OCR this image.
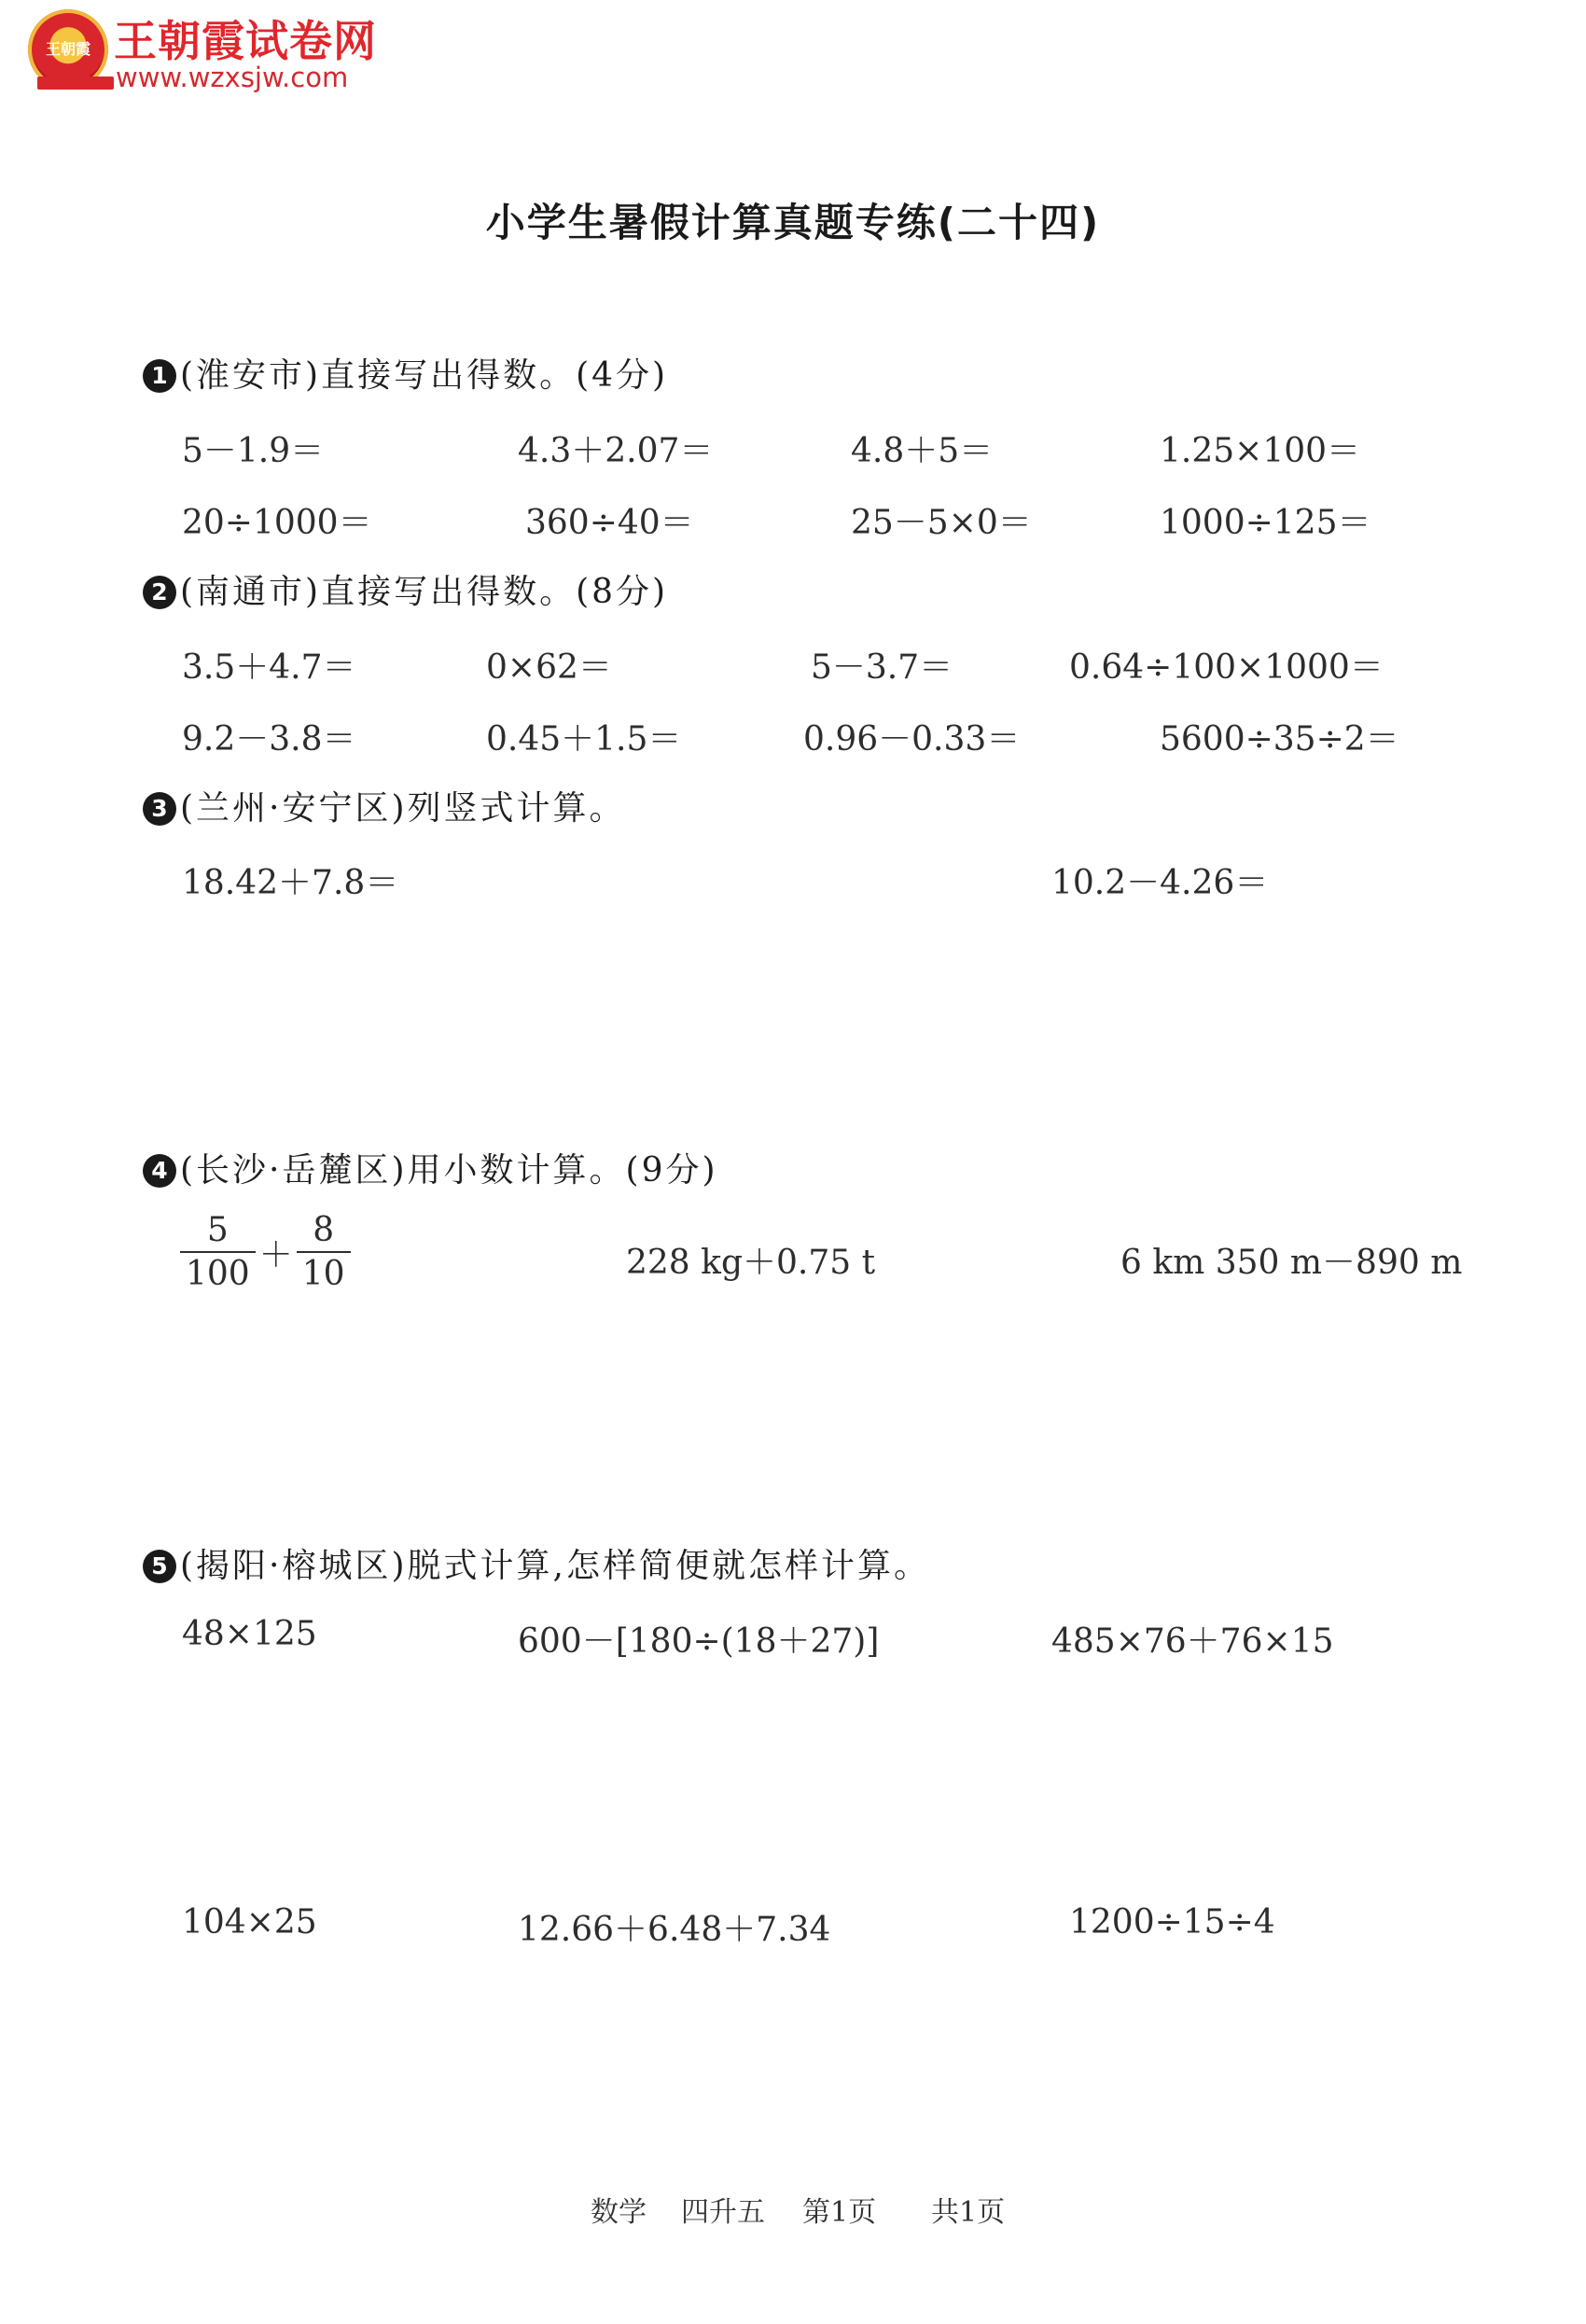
王朝霞 王朝霞试卷网
www.wzxsjw.com
小学生暑假计算真题专练(二十四)
1 (淮安市)直接写出得数。(4分)
5－1.9＝	4.3＋2.07＝	4.8＋5＝	1.25×100＝
20÷1000＝	360÷40＝	25－5×0＝	1000÷125＝
2 (南通市)直接写出得数。(8分)
3.5＋4.7＝	0×62＝	5－3.7＝	0.64÷100×1000＝
9.2－3.8＝	0.45＋1.5＝	0.96－0.33＝	5600÷35÷2＝
3 (兰州·安宁区)列竖式计算。
18.42＋7.8＝	10.2－4.26＝
4 (长沙·岳麓区)用小数计算。(9分)
$\frac{5}{100} + \frac{8}{10}$	228 kg＋0.75 t	6 km 350 m－890 m
5 (揭阳·榕城区)脱式计算,怎样简便就怎样计算。
48×125	600－[180÷(18＋27)]	485×76＋76×15
104×25	12.66＋6.48＋7.34	1200÷15÷4
数学 四升五 第1页 共1页
